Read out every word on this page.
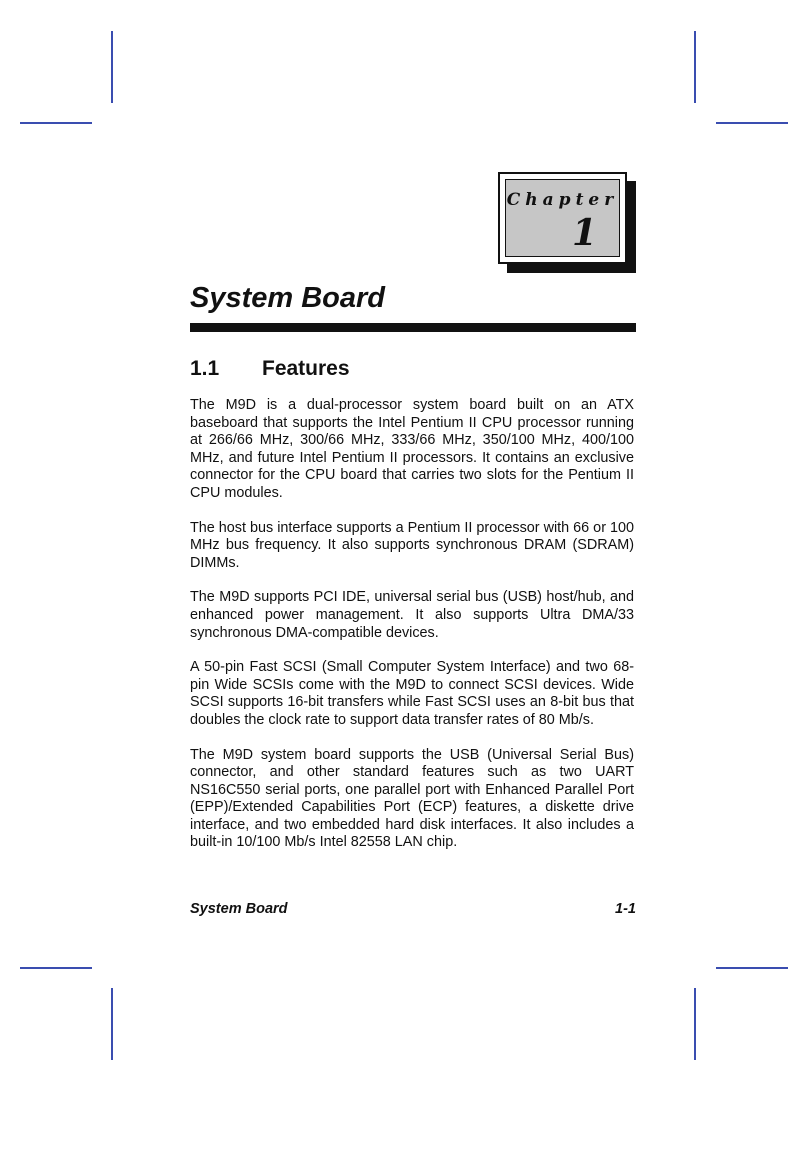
Chapter
1
System Board
1.1 Features

The M9D is a dual-processor system board built on an ATX baseboard that supports the Intel Pentium II CPU processor running at 266/66 MHz, 300/66 MHz, 333/66 MHz, 350/100 MHz, 400/100 MHz, and future Intel Pentium II processors. It contains an exclusive connector for the CPU board that carries two slots for the Pentium II CPU modules.

The host bus interface supports a Pentium II processor with 66 or 100 MHz bus frequency. It also supports synchronous DRAM (SDRAM) DIMMs.

The M9D supports PCI IDE, universal serial bus (USB) host/hub, and enhanced power management. It also supports Ultra DMA/33 synchronous DMA-compatible devices.

A 50-pin Fast SCSI (Small Computer System Interface) and two 68-pin Wide SCSIs come with the M9D to connect SCSI devices. Wide SCSI supports 16-bit transfers while Fast SCSI uses an 8-bit bus that doubles the clock rate to support data transfer rates of 80 Mb/s.

The M9D system board supports the USB (Universal Serial Bus) connector, and other standard features such as two UART NS16C550 serial ports, one parallel port with Enhanced Parallel Port (EPP)/Extended Capabilities Port (ECP) features, a diskette drive interface, and two embedded hard disk interfaces. It also includes a built-in 10/100 Mb/s Intel 82558 LAN chip.

System Board	1-1
